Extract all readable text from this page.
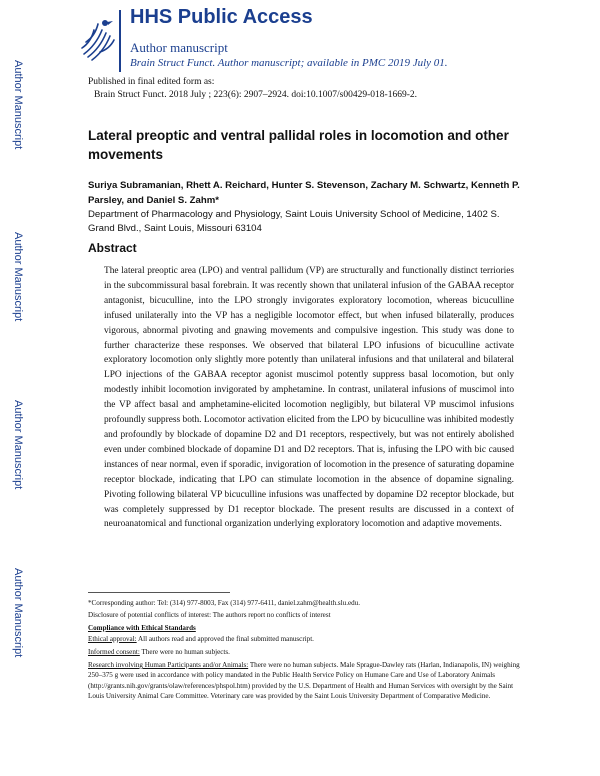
Author Manuscript
Author Manuscript
Author Manuscript
Author Manuscript
HHS Public Access
Author manuscript
Brain Struct Funct. Author manuscript; available in PMC 2019 July 01.
Published in final edited form as:
Brain Struct Funct. 2018 July ; 223(6): 2907–2924. doi:10.1007/s00429-018-1669-2.
Lateral preoptic and ventral pallidal roles in locomotion and other movements
Suriya Subramanian, Rhett A. Reichard, Hunter S. Stevenson, Zachary M. Schwartz, Kenneth P. Parsley, and Daniel S. Zahm*
Department of Pharmacology and Physiology, Saint Louis University School of Medicine, 1402 S. Grand Blvd., Saint Louis, Missouri 63104
Abstract
The lateral preoptic area (LPO) and ventral pallidum (VP) are structurally and functionally distinct terriories in the subcommissural basal forebrain. It was recently shown that unilateral infusion of the GABAA receptor antagonist, bicuculline, into the LPO strongly invigorates exploratory locomotion, whereas bicuculline infused unilaterally into the VP has a negligible locomotor effect, but when infused bilaterally, produces vigorous, abnormal pivoting and gnawing movements and compulsive ingestion. This study was done to further characterize these responses. We observed that bilateral LPO infusions of bicuculline activate exploratory locomotion only slightly more potently than unilateral infusions and that unilateral and bilateral LPO injections of the GABAA receptor agonist muscimol potently suppress basal locomotion, but only modestly inhibit locomotion invigorated by amphetamine. In contrast, unilateral infusions of muscimol into the VP affect basal and amphetamine-elicited locomotion negligibly, but bilateral VP muscimol infusions profoundly suppress both. Locomotor activation elicited from the LPO by bicuculline was inhibited modestly and profoundly by blockade of dopamine D2 and D1 receptors, respectively, but was not entirely abolished even under combined blockade of dopamine D1 and D2 receptors. That is, infusing the LPO with bic caused instances of near normal, even if sporadic, invigoration of locomotion in the presence of saturating dopamine receptor blockade, indicating that LPO can stimulate locomotion in the absence of dopamine signaling. Pivoting following bilateral VP bicuculline infusions was unaffected by dopamine D2 receptor blockade, but was completely suppressed by D1 receptor blockade. The present results are discussed in a context of neuroanatomical and functional organization underlying exploratory locomotion and adaptive movements.
*Corresponding author: Tel: (314) 977-8003, Fax (314) 977-6411, daniel.zahm@health.slu.edu.
Disclosure of potential conflicts of interest: The authors report no conflicts of interest
Compliance with Ethical Standards
Ethical approval: All authors read and approved the final submitted manuscript.
Informed consent: There were no human subjects.
Research involving Human Participants and/or Animals: There were no human subjects. Male Sprague-Dawley rats (Harlan, Indianapolis, IN) weighing 250–375 g were used in accordance with policy mandated in the Public Health Service Policy on Humane Care and Use of Laboratory Animals (http://grants.nih.gov/grants/olaw/references/phspol.htm) provided by the U.S. Department of Health and Human Services with oversight by the Saint Louis University Animal Care Committee. Veterinary care was provided by the Saint Louis University Department of Comparative Medicine.
